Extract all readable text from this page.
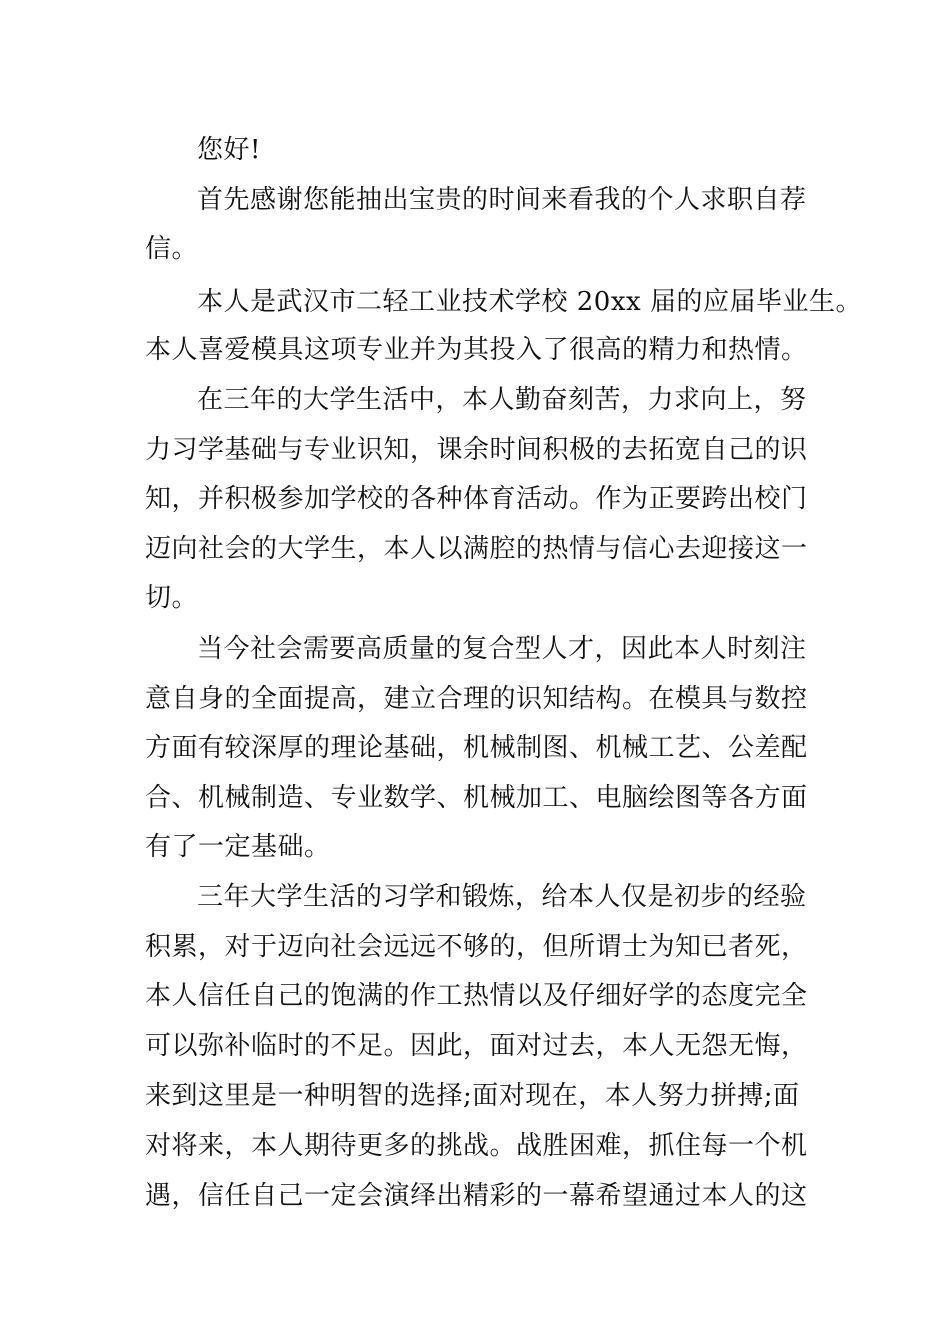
您好!
首先感谢您能抽出宝贵的时间来看我的个人求职自荐
信。
本人是武汉市二轻工业技术学校 20xx 届的应届毕业生。
本人喜爱模具这项专业并为其投入了很高的精力和热情。
在三年的大学生活中，本人勤奋刻苦，力求向上，努
力习学基础与专业识知，课余时间积极的去拓宽自己的识
知，并积极参加学校的各种体育活动。作为正要跨出校门
迈向社会的大学生，本人以满腔的热情与信心去迎接这一
切。
当今社会需要高质量的复合型人才，因此本人时刻注
意自身的全面提高，建立合理的识知结构。在模具与数控
方面有较深厚的理论基础，机械制图、机械工艺、公差配
合、机械制造、专业数学、机械加工、电脑绘图等各方面
有了一定基础。
三年大学生活的习学和锻炼，给本人仅是初步的经验
积累，对于迈向社会远远不够的，但所谓士为知已者死，
本人信任自己的饱满的作工热情以及仔细好学的态度完全
可以弥补临时的不足。因此，面对过去，本人无怨无悔，
来到这里是一种明智的选择;面对现在，本人努力拼搏;面
对将来，本人期待更多的挑战。战胜困难，抓住每一个机
遇，信任自己一定会演绎出精彩的一幕希望通过本人的这
